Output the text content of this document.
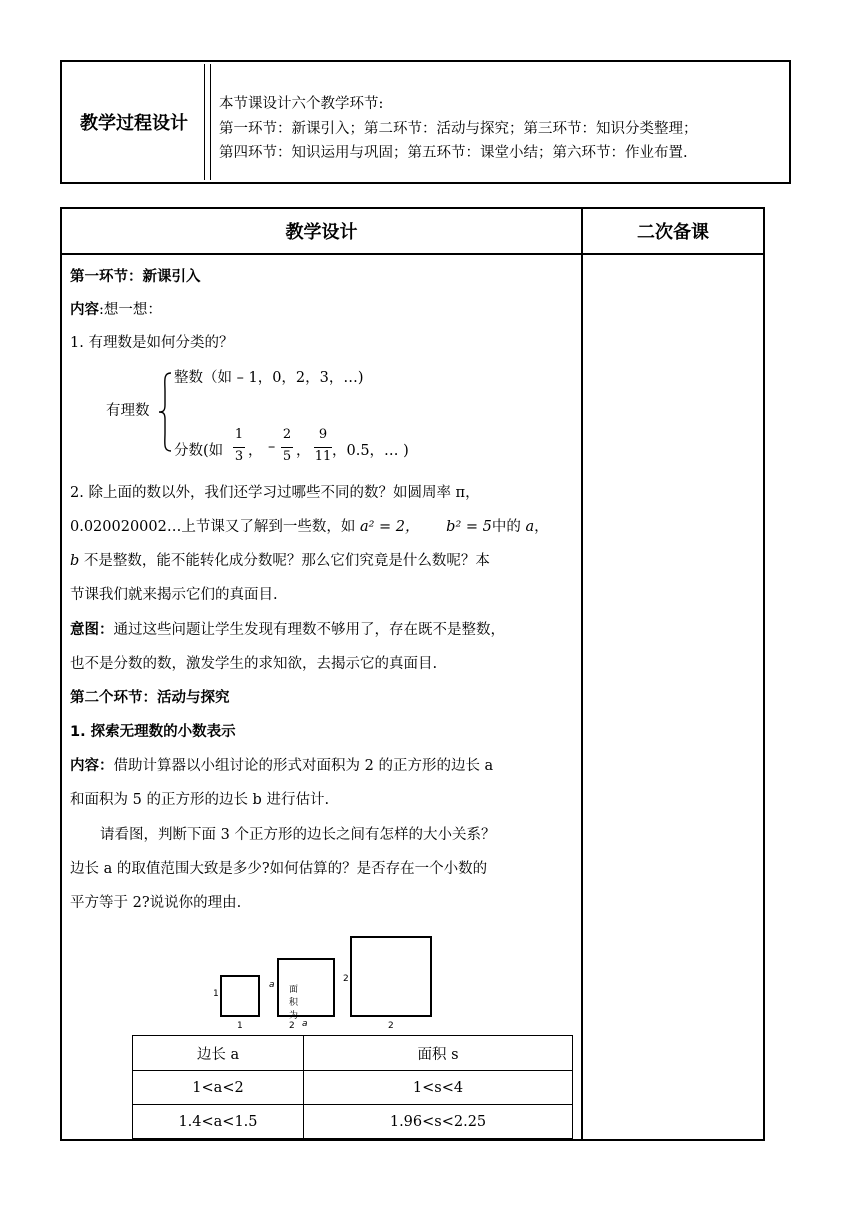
教学过程设计
本节课设计六个教学环节:
第一环节：新课引入；第二环节：活动与探究；第三环节：知识分类整理；
第四环节：知识运用与巩固；第五环节：课堂小结；第六环节：作业布置.
教学设计	二次备课
第一环节：新课引入
内容:想一想：
1. 有理数是如何分类的？
有理数
整数（如 – 1，0，2，3，…)
分数(如
1
3 ， –
2
5 ，
9
11 ，0.5，… )
2. 除上面的数以外，我们还学习过哪些不同的数？如圆周率 π，
0.020020002…上节课又了解到一些数，如 a² = 2， b² = 5中的 a，
b 不是整数，能不能转化成分数呢？那么它们究竟是什么数呢？本
节课我们就来揭示它们的真面目.
意图：通过这些问题让学生发现有理数不够用了，存在既不是整数，
也不是分数的数，激发学生的求知欲，去揭示它的真面目.
第二个环节：活动与探究
1. 探索无理数的小数表示
内容：借助计算器以小组讨论的形式对面积为 2 的正方形的边长 a
和面积为 5 的正方形的边长 b 进行估计.
请看图，判断下面 3 个正方形的边长之间有怎样的大小关系？
边长 a 的取值范围大致是多少?如何估算的？是否存在一个小数的
平方等于 2?说说你的理由.
1
1
面积为2
a
a
2
2
边长 a	面积 s
1<a<2	1<s<4
1.4<a<1.5	1.96<s<2.25
